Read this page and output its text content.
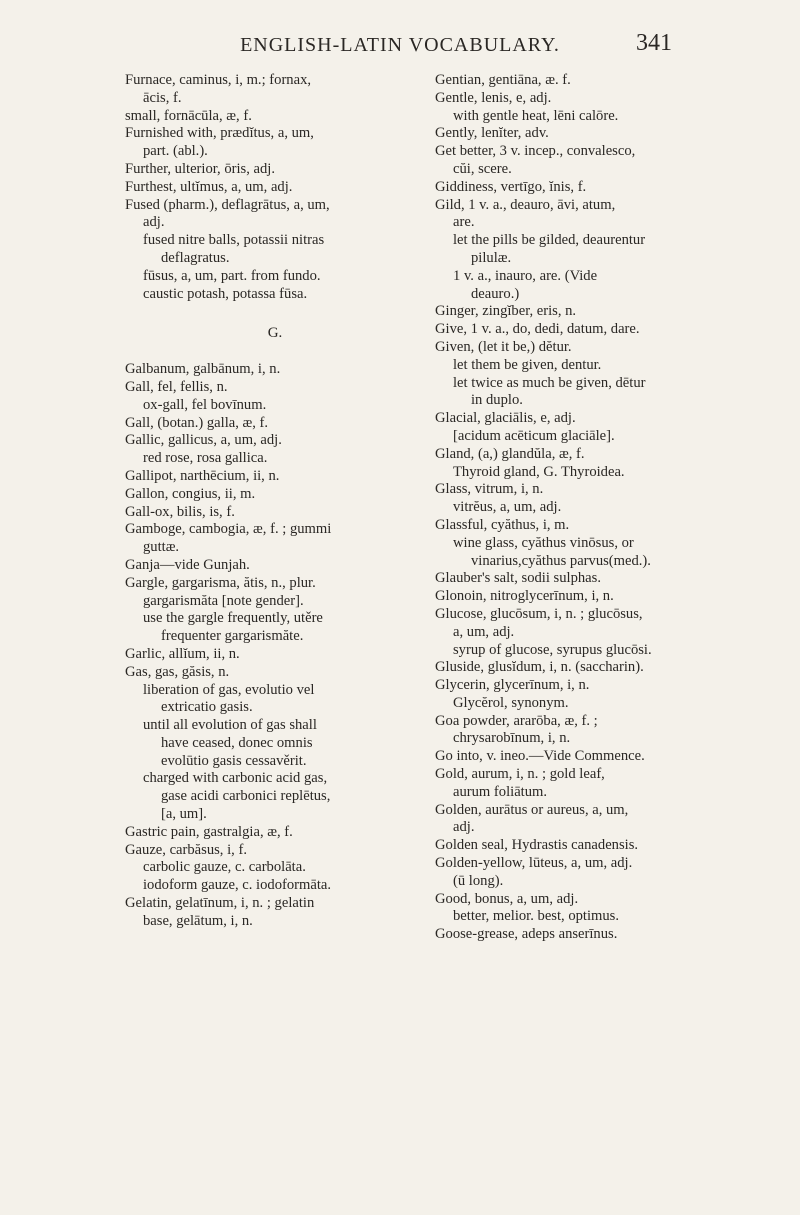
ENGLISH-LATIN VOCABULARY.	341

Furnace, caminus, i, m.; fornax,

ācis, f.

small, fornācūla, æ, f.

Furnished with, prædĭtus, a, um,

part. (abl.).

Further, ulterior, ōris, adj.

Furthest, ultĭmus, a, um, adj.

Fused (pharm.), deflagrātus, a, um,

adj.

fused nitre balls, potassii nitras

deflagratus.

fūsus, a, um, part. from fundo.

caustic potash, potassa fūsa.

G.

Galbanum, galbānum, i, n.

Gall, fel, fellis, n.

ox-gall, fel bovīnum.

Gall, (botan.) galla, æ, f.

Gallic, gallicus, a, um, adj.

red rose, rosa gallica.

Gallipot, narthēcium, ii, n.

Gallon, congius, ii, m.

Gall-ox, bilis, is, f.

Gamboge, cambogia, æ, f. ; gummi

guttæ.

Ganja—vide Gunjah.

Gargle, gargarisma, ătis, n., plur.

gargarismăta [note gender].

use the gargle frequently, utěre

frequenter gargarismăte.

Garlic, allĭum, ii, n.

Gas, gas, găsis, n.

liberation of gas, evolutio vel

extricatio gasis.

until all evolution of gas shall

have ceased, donec omnis

evolūtio gasis cessavěrit.

charged with carbonic acid gas,

gase acidi carbonici replētus,

[a, um].

Gastric pain, gastralgia, æ, f.

Gauze, carbăsus, i, f.

carbolic gauze, c. carbolāta.

iodoform gauze, c. iodoformāta.

Gelatin, gelatīnum, i, n. ; gelatin

base, gelātum, i, n.

Gentian, gentiāna, æ. f.

Gentle, lenis, e, adj.

with gentle heat, lēni calōre.

Gently, lenĭter, adv.

Get better, 3 v. incep., convalesco,

cŭi, scere.

Giddiness, vertīgo, ĭnis, f.

Gild, 1 v. a., deauro, āvi, atum,

are.

let the pills be gilded, deaurentur

pilulæ.

1 v. a., inauro, are. (Vide

deauro.)

Ginger, zingĭber, eris, n.

Give, 1 v. a., do, dedi, datum, dare.

Given, (let it be,) dĕtur.

let them be given, dentur.

let twice as much be given, dētur

in duplo.

Glacial, glaciālis, e, adj.

[acidum acēticum glaciāle].

Gland, (a,) glandŭla, æ, f.

Thyroid gland, G. Thyroidea.

Glass, vitrum, i, n.

vitrĕus, a, um, adj.

Glassful, cyăthus, i, m.

wine glass, cyăthus vinōsus, or

vinarius,cyăthus parvus(med.).

Glauber's salt, sodii sulphas.

Glonoin, nitroglycerīnum, i, n.

Glucose, glucōsum, i, n. ; glucōsus,

a, um, adj.

syrup of glucose, syrupus glucōsi.

Gluside, glusĭdum, i, n. (saccharin).

Glycerin, glycerīnum, i, n.

Glycĕrol, synonym.

Goa powder, ararōba, æ, f. ;

chrysarobīnum, i, n.

Go into, v. ineo.—Vide Commence.

Gold, aurum, i, n. ; gold leaf,

aurum foliātum.

Golden, aurātus or aureus, a, um,

adj.

Golden seal, Hydrastis canadensis.

Golden-yellow, lūteus, a, um, adj.

(ū long).

Good, bonus, a, um, adj.

better, melior. best, optimus.

Goose-grease, adeps anserīnus.
